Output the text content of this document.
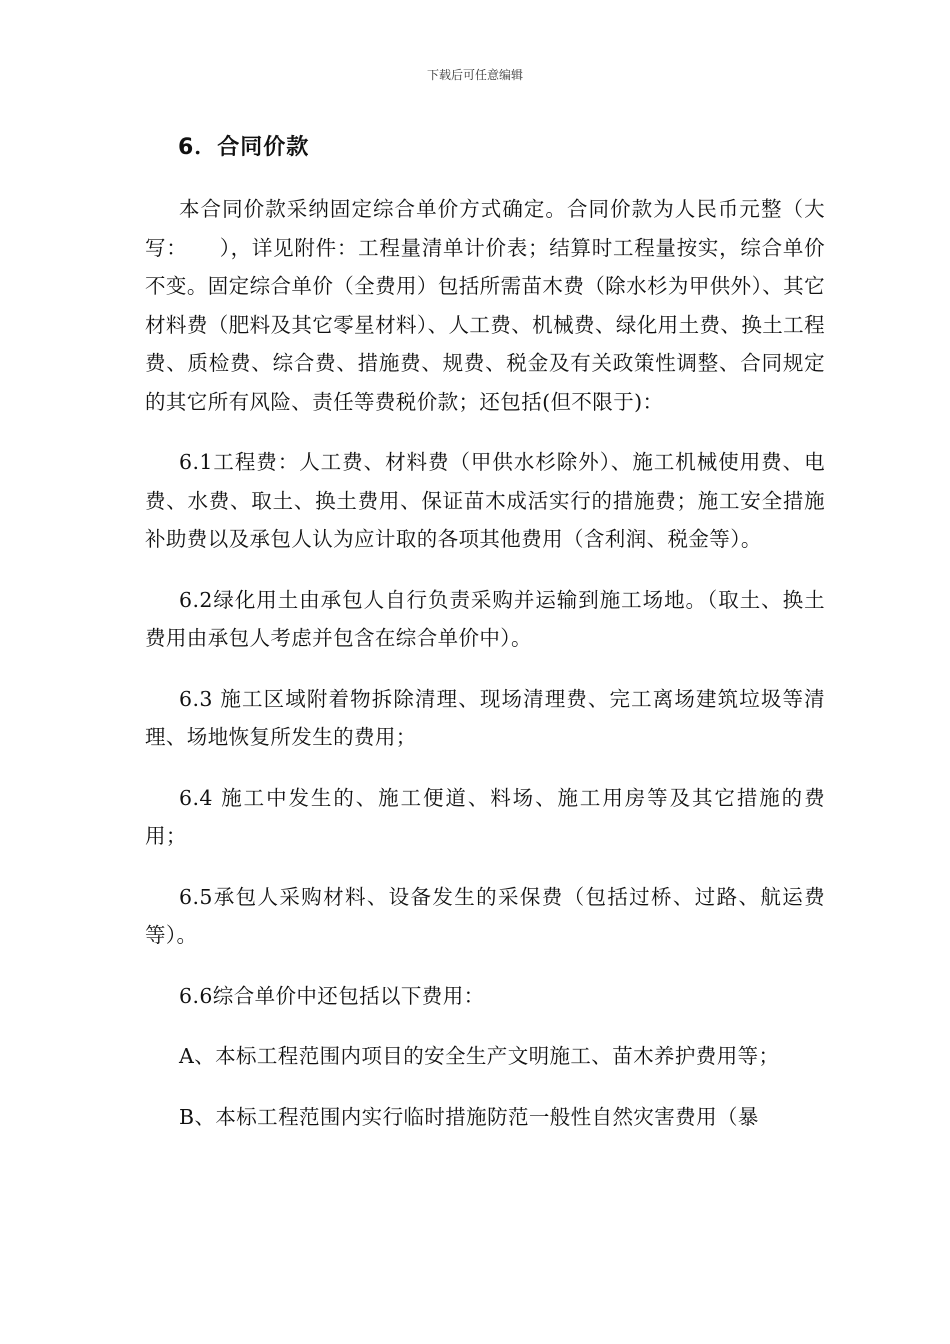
下载后可任意编辑
6．合同价款

本合同价款采纳固定综合单价方式确定。合同价款为人民币元整（大写：　　），详见附件：工程量清单计价表；结算时工程量按实，综合单价不变。固定综合单价（全费用）包括所需苗木费（除水杉为甲供外）、其它材料费（肥料及其它零星材料）、人工费、机械费、绿化用土费、换土工程费、质检费、综合费、措施费、规费、税金及有关政策性调整、合同规定的其它所有风险、责任等费税价款；还包括(但不限于)：

6.1工程费：人工费、材料费（甲供水杉除外）、施工机械使用费、电费、水费、取土、换土费用、保证苗木成活实行的措施费；施工安全措施补助费以及承包人认为应计取的各项其他费用（含利润、税金等）。

6.2绿化用土由承包人自行负责采购并运输到施工场地。（取土、换土费用由承包人考虑并包含在综合单价中）。

6.3 施工区域附着物拆除清理、现场清理费、完工离场建筑垃圾等清理、场地恢复所发生的费用；

6.4 施工中发生的、施工便道、料场、施工用房等及其它措施的费用；

6.5承包人采购材料、设备发生的采保费（包括过桥、过路、航运费等）。

6.6综合单价中还包括以下费用：

A、本标工程范围内项目的安全生产文明施工、苗木养护费用等；

B、本标工程范围内实行临时措施防范一般性自然灾害费用（暴
